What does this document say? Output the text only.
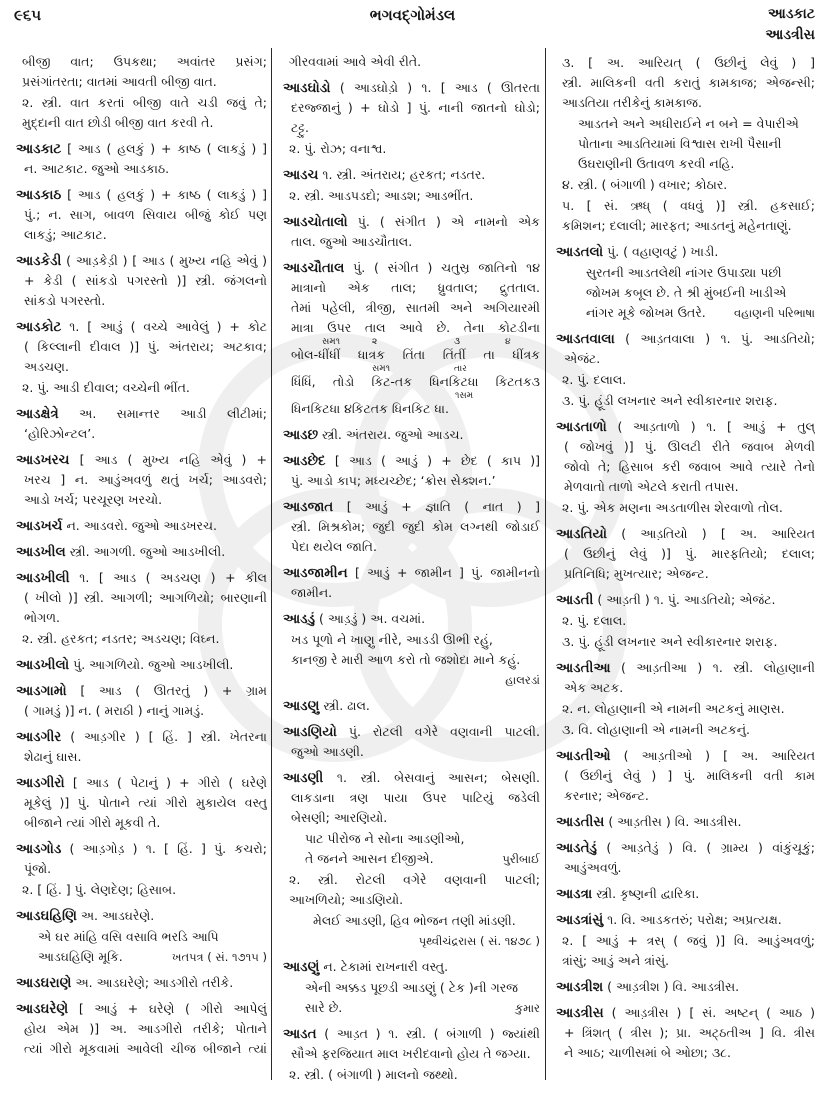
૯૬૫	ભગવદ્ગોમંડલ	આડકાટ
આડત્રીસ
બીજી વાત; ઉપકથા; અવાંતર પ્રસંગ;
પ્રસંગાંતરતા; વાતમાં આવતી બીજી વાત.
૨. સ્ત્રી. વાત કરતાં બીજી વાતે ચડી જવું તે;
મુદ્દાની વાત છોડી બીજી વાત કરવી તે.
આડકાટ [ આડ ( હલકું ) + કાષ્ઠ ( લાકડું ) ]
ન. આટકાટ. જુઓ આડકાઠ.
આડકાઠ [ આડ ( હલકું ) + કાષ્ઠ ( લાકડું ) ]
પું.; ન. સાગ, બાવળ સિવાય બીજું કોઈ પણ
લાકડું; આટકાટ.
આડકેડી ( આડ઼કેડ઼ી ) [ આડ ( મુખ્ય નહિ એવું )
+ કેડી ( સાંકડો પગરસ્તો )] સ્ત્રી. જંગલનો
સાંકડો પગરસ્તો.
આડકોટ ૧. [ આડું ( વચ્ચે આવેલું ) + કોટ
( કિલ્લાની દીવાલ )] પું. અંતરાય; અટકાવ;
અડચણ.
૨. પું. આડી દીવાલ; વચ્ચેની ભીંત.
આડક્ષેત્રે અ. સમાન્તર આડી લીટીમાં;
‘હોરિઝોન્ટલ’.
આડખરચ [ આડ ( મુખ્ય નહિ એવું ) +
ખરચ ] ન. આડુંઅવળું થતું ખર્ચ; આડવરો;
આડો ખર્ચ; પરચૂરણ ખરચો.
આડખર્ચ ન. આડવરો. જુઓ આડખરચ.
આડખીલ સ્ત્રી. આગળી. જુઓ આડખીલી.
આડખીલી ૧. [ આડ ( અડચણ ) + કીલ
( ખીલો )] સ્ત્રી. આગળી; આગળિયો; બારણાની
ભોગળ.
૨. સ્ત્રી. હરકત; નડતર; અડચણ; વિઘ્ન.
આડખીલો પું. આગળિયો. જુઓ આડખીલી.
આડગામો [ આડ ( ઊતરતું ) + ગ્રામ
( ગામડું )] ન. ( મરાઠી ) નાનું ગામડું.
આડગીર ( આડ઼ગીર ) [ હિં. ] સ્ત્રી. ખેતરના
શેઢાનું ઘાસ.
આડગીરો [ આડ ( પેટાનું ) + ગીરો ( ઘરેણે
મૂકેલું )] પું. પોતાને ત્યાં ગીરો મુકાયેલ વસ્તુ
બીજાને ત્યાં ગીરો મૂકવી તે.
આડગોડ ( આડ઼ગોડ઼ ) ૧. [ હિં. ] પું. કચરો;
પૂંજો.
૨. [ હિં. ] પું. લેણદેણ; હિસાબ.
આડઘહિણિ અ. આડઘરેણે.
એ ઘર માંહિ વસિ વસાવિ ભરડિ આપિ
આડઘહિણિ મૂકિ.	ખતપત્ર ( સં. ૧૭૧૫ )
આડઘરાણે અ. આડઘરેણે; આડગીરો તરીકે.
આડઘરેણે [ આડું + ઘરેણે ( ગીરો આપેલું
હોય એમ )] અ. આડગીરો તરીકે; પોતાને
ત્યાં ગીરો મૂકવામાં આવેલી ચીજ બીજાને ત્યાં
ગીરવવામાં આવે એવી રીતે.
આડઘોડો ( આડઘોડ઼ો ) ૧. [ આડ ( ઊતરતા
દરજ્જાનું ) + ઘોડો ] પું. નાની જાતનો ઘોડો;
ટટ્ટુ.
૨. પું. રોઝ; વનાશ્વ.
આડચ ૧. સ્ત્રી. અંતરાય; હરકત; નડતર.
૨. સ્ત્રી. આડપડદો; આડશ; આડભીંત.
આડચોતાલો પું. ( સંગીત ) એ નામનો એક
તાલ. જુઓ આડચૌતાલ.
આડચૌતાલ પું. ( સંગીત ) ચતુસ્ર જાતિનો ૧૪
માત્રાનો એક તાલ; ધ્રુવતાલ; દ્રુતતાલ.
તેમાં પહેલી, ત્રીજી, સાતમી અને અગિયારમી
માત્રા ઉપર તાલ આવે છે. તેના કોટડીના
બોલ-ધીંધીં ધાત્રક તિંતા તિંતીં તા ધીંત્રક
સમ૧	૨	૩	૪
ધિંધિં, તોડો કિટ-તક ધિનકિટધા કિટતક૩
સમ૧	તાર
ધિનકિટધા ૪કિટતક ધિનકિટ ધા.
૧સમ
આડછ સ્ત્રી. અંતરાય. જુઓ આડચ.
આડછેદ [ આડ ( આડું ) + છેદ ( કાપ )]
પું. આડો કાપ; મધ્યચ્છેદ; ‘ક્રોસ સેક્શન.’
આડજાત [ આડું + જ્ઞાતિ ( નાત ) ]
સ્ત્રી. મિશ્રકોમ; જુદી જુદી કોમ લગ્નથી જોડાઈ
પેદા થયેલ જાતિ.
આડજામીન [ આડું + જામીન ] પું. જામીનનો
જામીન.
આડડું ( આડ઼ડું ) અ. વચમાં.
ખડ પૂળો ને ખાણુ નીરે, આડડી ઊભી રહું,
કાનજી રે મારી આળ કરો તો જશોદા માને કહું.
હાલરડાં
આડણુ સ્ત્રી. ઢાલ.
આડણિયો પું. રોટલી વગેરે વણવાની પાટલી.
જુઓ આડણી.
આડણી ૧. સ્ત્રી. બેસવાનું આસન; બેસણી.
લાકડાના ત્રણ પાયા ઉપર પાટિયું જડેલી
બેસણી; આરણિયો.
પાટ પીરોજ ને સોના આડણીઓ,
તે જનને આસન દીજીએ.	પુરીબાઈ
૨. સ્ત્રી. રોટલી વગેરે વણવાની પાટલી;
આખળિયો; આડણિયો.
મેલઈ આડણી, હિવ ભોજન તણી માંડણી.
પૃથ્વીચંદ્રરાસ ( સં. ૧૪૭૮ )
આડણું ન. ટેકામાં રાખનારી વસ્તુ.
એની અક્કડ પૂછડી આડણું ( ટેક )ની ગરજ
સારે છે.	કુમાર
આડત ( આડ઼ત ) ૧. સ્ત્રી. ( બંગાળી ) જ્યાંથી
સૌએ ફરજિયાત માલ ખરીદવાનો હોય તે જગ્યા.
૨. સ્ત્રી. ( બંગાળી ) માલનો જથ્થો.
૩. [ અ. આરિયત્ ( ઉછીનું લેવું ) ]
સ્ત્રી. માલિકની વતી કરાતું કામકાજ; એજન્સી;
આડતિયા તરીકેનું કામકાજ.
આડતને અને અધીરાઈને ન બને = વેપારીએ
પોતાના આડતિયામાં વિશ્વાસ રાખી પૈસાની
ઉઘરાણીની ઉતાવળ કરવી નહિ.
૪. સ્ત્રી. ( બંગાળી ) વખાર; કોઠાર.
૫. [ સં. ઋધ્ ( વધવું )] સ્ત્રી. હકસાઈ;
કમિશન; દલાલી; મારફત; આડતનું મહેનતાણું.
આડતલો પું. ( વહાણવટું ) ખાડી.
સુરતની આડતલેથી નાંગર ઉપાડ્યા પછી
જોખમ કબૂલ છે. તે શ્રી મુંબઈની ખાડીએ
નાંગર મૂકે જોખમ ઉતરે. વહાણની પરિભાષા
આડતવાલા ( આડ઼તવાલા ) ૧. પું. આડતિયો;
એજંટ.
૨. પું. દલાલ.
૩. પું. હૂંડી લખનાર અને સ્વીકારનાર શરાફ.
આડતાળો ( આડ઼તાળો ) ૧. [ આડું + તુલ્
( જોખવું )] પું. ઊલટી રીતે જવાબ મેળવી
જોવો તે; હિસાબ કરી જવાબ આવે ત્યારે તેનો
મેળવાતો તાળો એટલે કરાતી તપાસ.
૨. પું. એક મણના અડતાળીસ શેરવાળો તોલ.
આડતિયો ( આડ઼તિયો ) [ અ. આરિયત
( ઉછીનું લેવું )] પું. મારફતિયો; દલાલ;
પ્રતિનિધિ; મુખત્યાર; એજન્ટ.
આડતી ( આડ઼તી ) ૧. પું. આડતિયો; એજંટ.
૨. પું. દલાલ.
૩. પું. હૂંડી લખનાર અને સ્વીકારનાર શરાફ.
આડતીઆ ( આડ઼તીઆ ) ૧. સ્ત્રી. લોહાણાની
એક અટક.
૨. ન. લોહાણાની એ નામની અટકનું માણસ.
૩. વિ. લોહાણાની એ નામની અટકનું.
આડતીઓ ( આડ઼તીઓ ) [ અ. આરિયત
( ઉછીનું લેવું ) ] પું. માલિકની વતી કામ
કરનાર; એજન્ટ.
આડતીસ ( આડ઼તીસ ) વિ. આડત્રીસ.
આડતેડું ( આડ઼તેડું ) વિ. ( ગ્રામ્ય ) વાંકુંચૂકું;
આડુંઅવળું.
આડત્રા સ્ત્રી. કૃષ્ણની દ્વારિકા.
આડત્રાંસું ૧. વિ. આડકતરું; પરોક્ષ; અપ્રત્યક્ષ.
૨. [ આડું + ત્રસ્ ( જવું )] વિ. આડુંઅવળું;
ત્રાંસું; આડું અને ત્રાંસું.
આડત્રીશ ( આડ઼ત્રીશ ) વિ. આડત્રીસ.
આડત્રીસ ( આડ઼ત્રીસ ) [ સં. અષ્ટન્ ( આઠ )
+ ત્રિંશત્ ( ત્રીસ ); પ્રા. અટ્ઠતીઅ ] વિ. ત્રીસ
ને આઠ; ચાળીસમાં બે ઓછા; ૩૮.
